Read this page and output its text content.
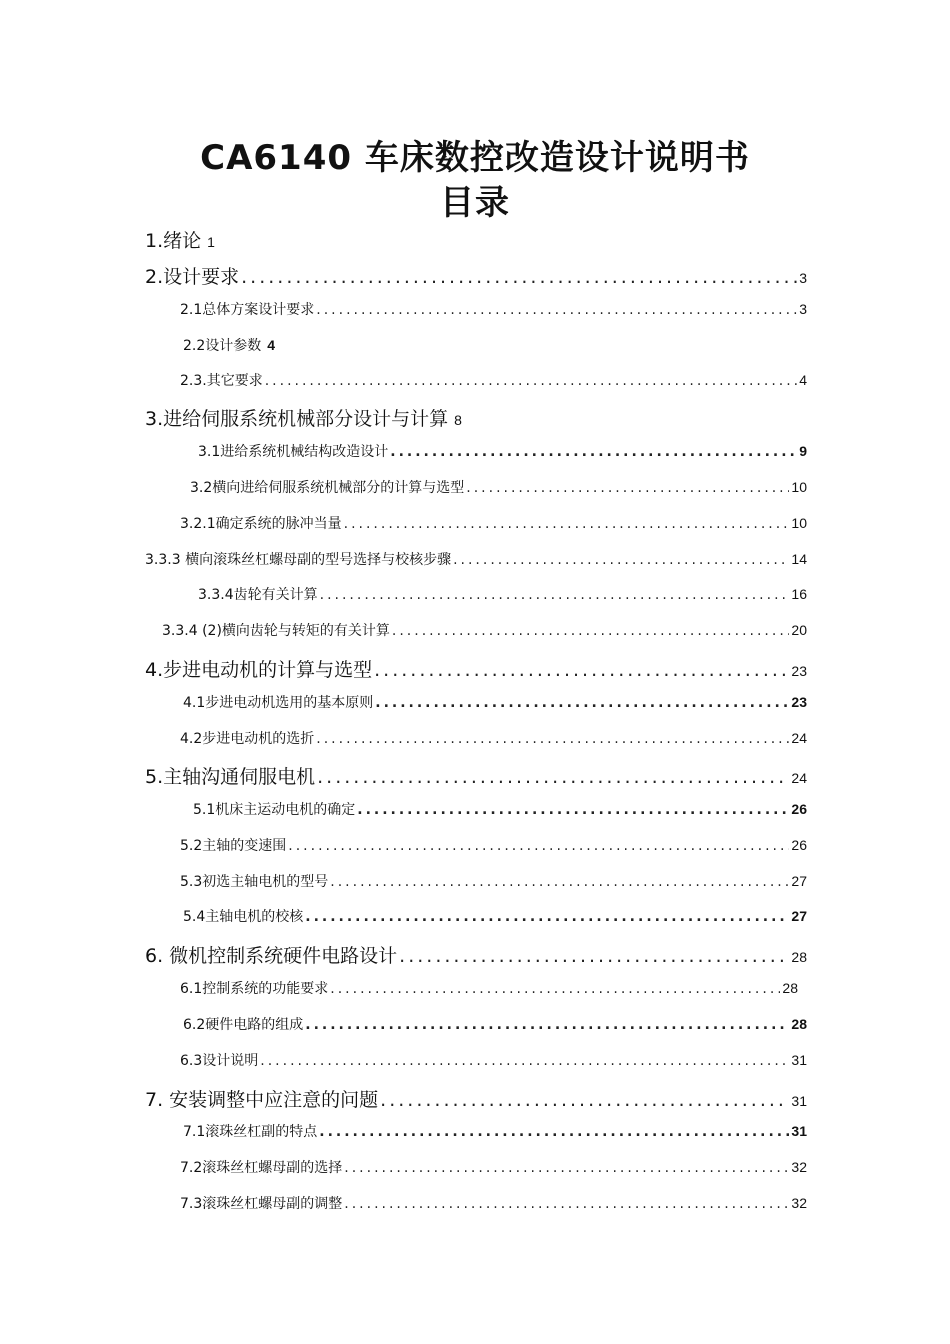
CA6140 车床数控改造设计说明书
目录
1.绪论 1
2.设计要求 .....	3
2.1总体方案设计要求 .....	3
2.2设计参数 4
2.3.其它要求 .....	4
3.进给伺服系统机械部分设计与计算 8
3.1进给系统机械结构改造设计 .....	9
3.2横向进给伺服系统机械部分的计算与选型 .....	10
3.2.1确定系统的脉冲当量 .....	10
3.3.3 横向滚珠丝杠螺母副的型号选择与校核步骤 .....	14
3.3.4齿轮有关计算 .....	16
3.3.4 (2)横向齿轮与转矩的有关计算 .....	20
4.步进电动机的计算与选型 .....	23
4.1步进电动机选用的基本原则 .....	23
4.2步进电动机的选折 .....	24
5.主轴沟通伺服电机 .....	24
5.1机床主运动电机的确定 .....	26
5.2主轴的变速围 .....	26
5.3初选主轴电机的型号 .....	27
5.4主轴电机的校核 .....	27
6. 微机控制系统硬件电路设计 .....	28
6.1控制系统的功能要求 .....	28
6.2硬件电路的组成 .....	28
6.3设计说明 .....	31
7. 安装调整中应注意的问题 .....	31
7.1滚珠丝杠副的特点 .....	31
7.2滚珠丝杠螺母副的选择 .....	32
7.3滚珠丝杠螺母副的调整 .....	32
